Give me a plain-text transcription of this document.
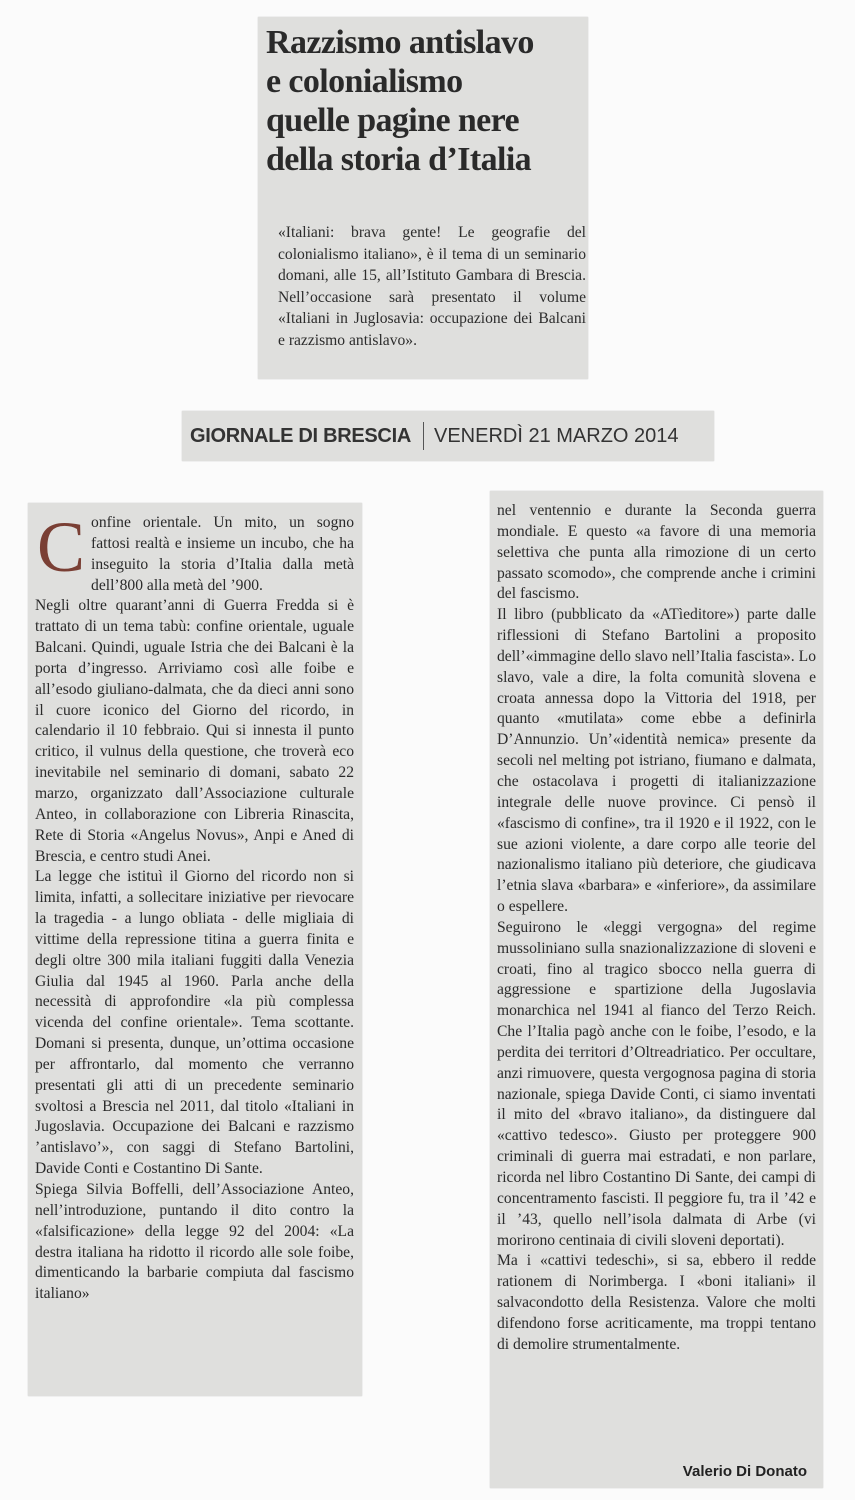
Razzismo antislavo
e colonialismo
quelle pagine nere
della storia d’Italia

«Italiani: brava gente! Le geografie del colonialismo italiano», è il tema di un seminario domani, alle 15, all’Istituto Gambara di Brescia. Nell’occasione sarà presentato il volume «Italiani in Juglosavia: occupazione dei Balcani e razzismo antislavo».

GIORNALE DI BRESCIA VENERDÌ 21 MARZO 2014

Confine orientale. Un mito, un sogno fattosi realtà e insieme un incubo, che ha inseguito la storia d’Italia dalla metà dell’800 alla metà del ’900.

Negli oltre quarant’anni di Guerra Fredda si è trattato di un tema tabù: confine orientale, uguale Balcani. Quindi, uguale Istria che dei Balcani è la porta d’ingresso. Arriviamo così alle foibe e all’esodo giuliano-dalmata, che da dieci anni sono il cuore iconico del Giorno del ricordo, in calendario il 10 febbraio. Qui si innesta il punto critico, il vulnus della questione, che troverà eco inevitabile nel seminario di domani, sabato 22 marzo, organizzato dall’Associazione culturale Anteo, in collaborazione con Libreria Rinascita, Rete di Storia «Angelus Novus», Anpi e Aned di Brescia, e centro studi Anei.

La legge che istituì il Giorno del ricordo non si limita, infatti, a sollecitare iniziative per rievocare la tragedia - a lungo obliata - delle migliaia di vittime della repressione titina a guerra finita e degli oltre 300 mila italiani fuggiti dalla Venezia Giulia dal 1945 al 1960. Parla anche della necessità di approfondire «la più complessa vicenda del confine orientale». Tema scottante. Domani si presenta, dunque, un’ottima occasione per affrontarlo, dal momento che verranno presentati gli atti di un precedente seminario svoltosi a Brescia nel 2011, dal titolo «Italiani in Jugoslavia. Occupazione dei Balcani e razzismo ’antislavo’», con saggi di Stefano Bartolini, Davide Conti e Costantino Di Sante.

Spiega Silvia Boffelli, dell’Associazione Anteo, nell’introduzione, puntando il dito contro la «falsificazione» della legge 92 del 2004: «La destra italiana ha ridotto il ricordo alle sole foibe, dimenticando la barbarie compiuta dal fascismo italiano»

nel ventennio e durante la Seconda guerra mondiale. E questo «a favore di una memoria selettiva che punta alla rimozione di un certo passato scomodo», che comprende anche i crimini del fascismo.

Il libro (pubblicato da «ATìeditore») parte dalle riflessioni di Stefano Bartolini a proposito dell’«immagine dello slavo nell’Italia fascista». Lo slavo, vale a dire, la folta comunità slovena e croata annessa dopo la Vittoria del 1918, per quanto «mutilata» come ebbe a definirla D’Annunzio. Un’«identità nemica» presente da secoli nel melting pot istriano, fiumano e dalmata, che ostacolava i progetti di italianizzazione integrale delle nuove province. Ci pensò il «fascismo di confine», tra il 1920 e il 1922, con le sue azioni violente, a dare corpo alle teorie del nazionalismo italiano più deteriore, che giudicava l’etnia slava «barbara» e «inferiore», da assimilare o espellere.

Seguirono le «leggi vergogna» del regime mussoliniano sulla snazionalizzazione di sloveni e croati, fino al tragico sbocco nella guerra di aggressione e spartizione della Jugoslavia monarchica nel 1941 al fianco del Terzo Reich. Che l’Italia pagò anche con le foibe, l’esodo, e la perdita dei territori d’Oltreadriatico. Per occultare, anzi rimuovere, questa vergognosa pagina di storia nazionale, spiega Davide Conti, ci siamo inventati il mito del «bravo italiano», da distinguere dal «cattivo tedesco». Giusto per proteggere 900 criminali di guerra mai estradati, e non parlare, ricorda nel libro Costantino Di Sante, dei campi di concentramento fascisti. Il peggiore fu, tra il ’42 e il ’43, quello nell’isola dalmata di Arbe (vi morirono centinaia di civili sloveni deportati).

Ma i «cattivi tedeschi», si sa, ebbero il redde rationem di Norimberga. I «boni italiani» il salvacondotto della Resistenza. Valore che molti difendono forse acriticamente, ma troppi tentano di demolire strumentalmente.

Valerio Di Donato
